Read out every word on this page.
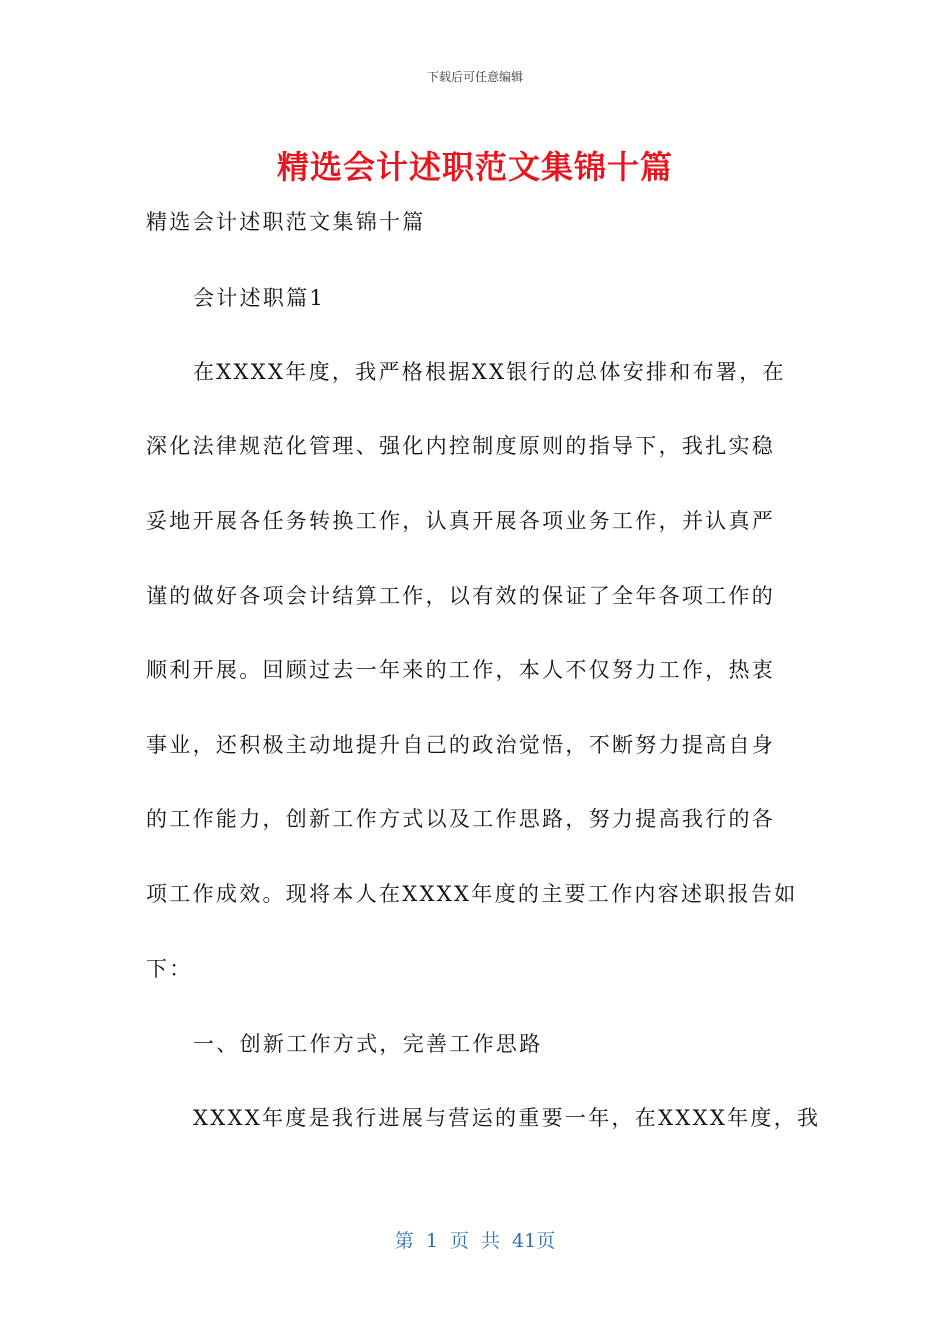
下载后可任意编辑
精选会计述职范文集锦十篇
精选会计述职范文集锦十篇
会计述职篇1
在XXXX年度，我严格根据XX银行的总体安排和布署，在
深化法律规范化管理、强化内控制度原则的指导下，我扎实稳
妥地开展各任务转换工作，认真开展各项业务工作，并认真严
谨的做好各项会计结算工作，以有效的保证了全年各项工作的
顺利开展。回顾过去一年来的工作，本人不仅努力工作，热衷
事业，还积极主动地提升自己的政治觉悟，不断努力提高自身
的工作能力，创新工作方式以及工作思路，努力提高我行的各
项工作成效。现将本人在XXXX年度的主要工作内容述职报告如
下：
一、创新工作方式，完善工作思路
XXXX年度是我行进展与营运的重要一年，在XXXX年度，我
第 1 页 共 41页
